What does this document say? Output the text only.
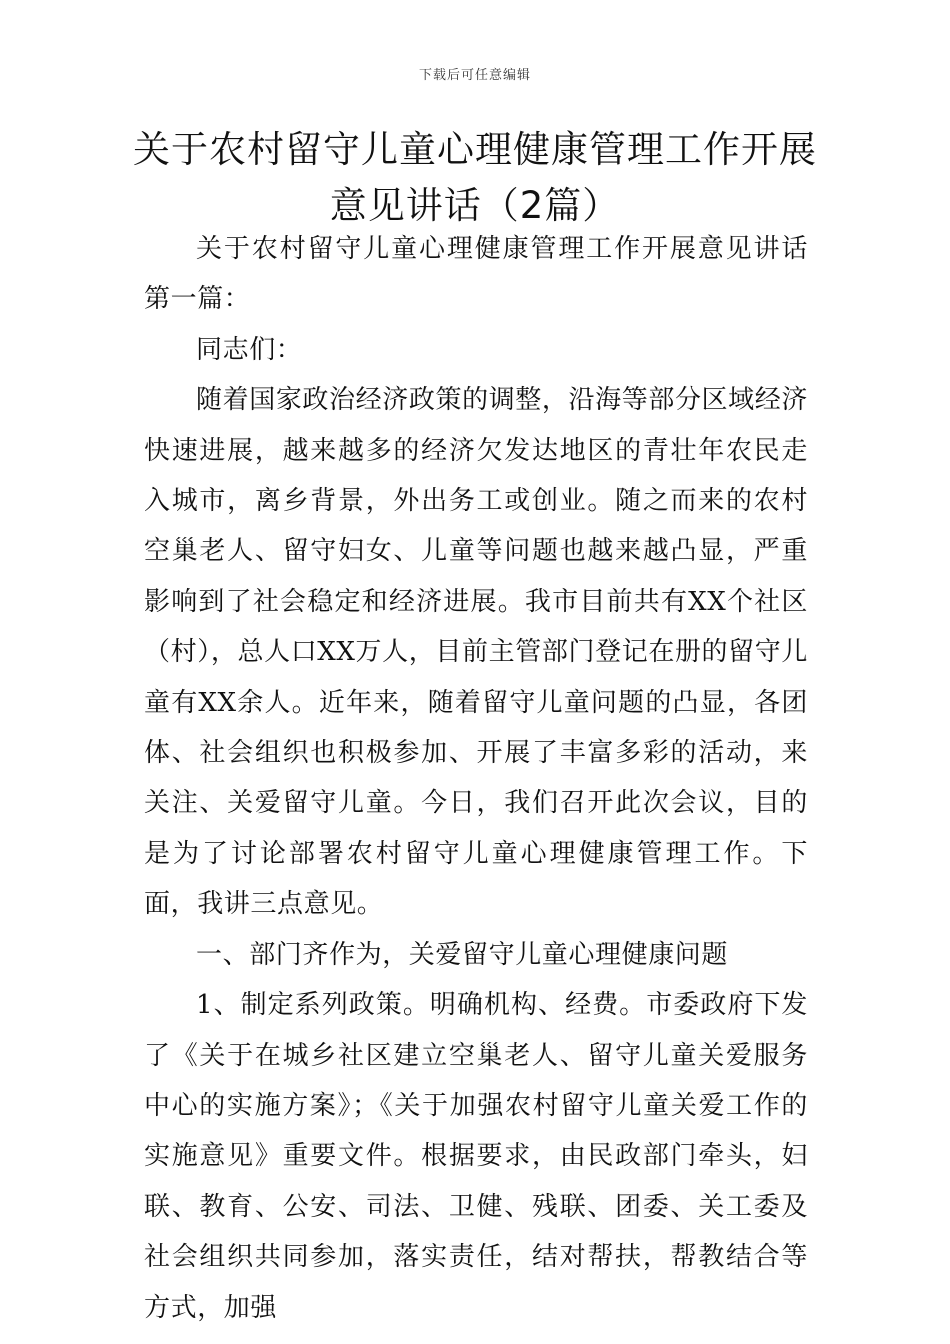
下载后可任意编辑
关于农村留守儿童心理健康管理工作开展
意见讲话（2篇）

关于农村留守儿童心理健康管理工作开展意见讲话 第一篇：

同志们：

随着国家政治经济政策的调整，沿海等部分区域经济快速进展，越来越多的经济欠发达地区的青壮年农民走入城市，离乡背景，外出务工或创业。随之而来的农村空巢老人、留守妇女、儿童等问题也越来越凸显，严重影响到了社会稳定和经济进展。我市目前共有XX个社区（村），总人口XX万人，目前主管部门登记在册的留守儿童有XX余人。近年来，随着留守儿童问题的凸显，各团体、社会组织也积极参加、开展了丰富多彩的活动，来关注、关爱留守儿童。今日，我们召开此次会议，目的是为了讨论部署农村留守儿童心理健康管理工作。下面，我讲三点意见。

一、部门齐作为，关爱留守儿童心理健康问题

1、制定系列政策。明确机构、经费。市委政府下发了《关于在城乡社区建立空巢老人、留守儿童关爱服务中心的实施方案》；《关于加强农村留守儿童关爱工作的实施意见》重要文件。根据要求，由民政部门牵头，妇联、教育、公安、司法、卫健、残联、团委、关工委及社会组织共同参加，落实责任，结对帮扶，帮教结合等方式，加强
